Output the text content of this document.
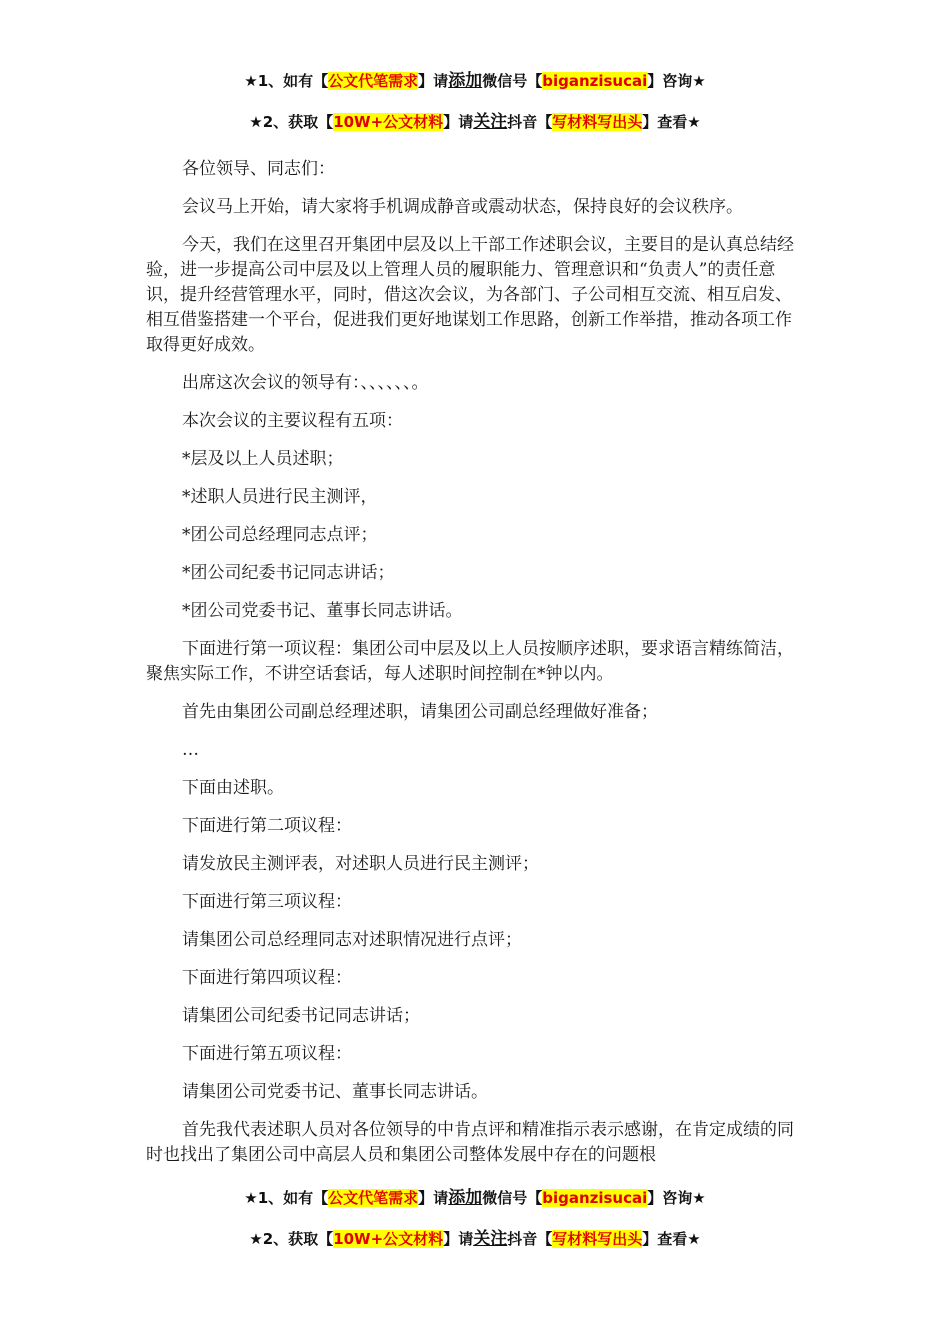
★1、如有【公文代笔需求】请添加微信号【biganzisucai】咨询★
★2、获取【10W+公文材料】请关注抖音【写材料写出头】查看★

各位领导、同志们：

会议马上开始，请大家将手机调成静音或震动状态，保持良好的会议秩序。

今天，我们在这里召开集团中层及以上干部工作述职会议，主要目的是认真总结经验，进一步提高公司中层及以上管理人员的履职能力、管理意识和“负责人”的责任意识，提升经营管理水平，同时，借这次会议，为各部门、子公司相互交流、相互启发、相互借鉴搭建一个平台，促进我们更好地谋划工作思路，创新工作举措，推动各项工作取得更好成效。

出席这次会议的领导有：、、、、、、。

本次会议的主要议程有五项：

*层及以上人员述职；

*述职人员进行民主测评，

*团公司总经理同志点评；

*团公司纪委书记同志讲话；

*团公司党委书记、董事长同志讲话。

下面进行第一项议程：集团公司中层及以上人员按顺序述职，要求语言精练简洁，聚焦实际工作，不讲空话套话，每人述职时间控制在*钟以内。

首先由集团公司副总经理述职，请集团公司副总经理做好准备；

…

下面由述职。

下面进行第二项议程：

请发放民主测评表，对述职人员进行民主测评；

下面进行第三项议程：

请集团公司总经理同志对述职情况进行点评；

下面进行第四项议程：

请集团公司纪委书记同志讲话；

下面进行第五项议程：

请集团公司党委书记、董事长同志讲话。

首先我代表述职人员对各位领导的中肯点评和精准指示表示感谢，在肯定成绩的同时也找出了集团公司中高层人员和集团公司整体发展中存在的问题根

★1、如有【公文代笔需求】请添加微信号【biganzisucai】咨询★
★2、获取【10W+公文材料】请关注抖音【写材料写出头】查看★
